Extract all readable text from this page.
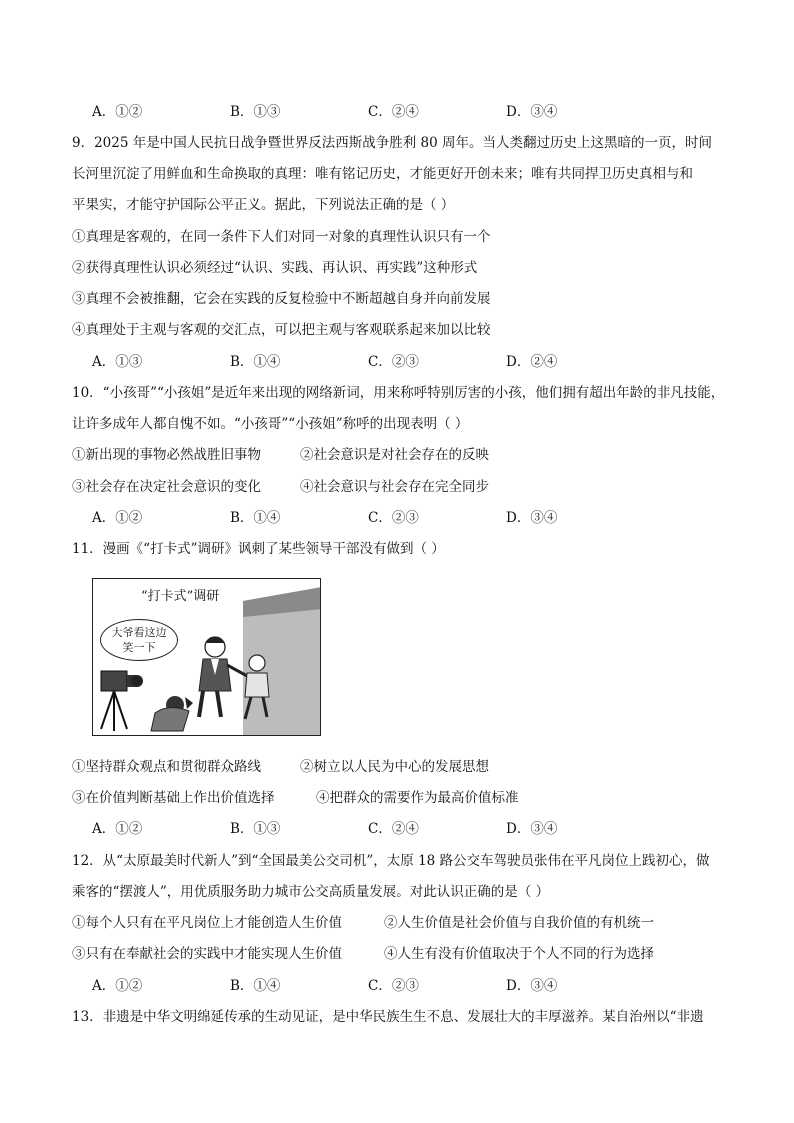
A．①②	B．①③	C．②④	D．③④
9．2025 年是中国人民抗日战争暨世界反法西斯战争胜利 80 周年。当人类翻过历史上这黑暗的一页，时间
长河里沉淀了用鲜血和生命换取的真理：唯有铭记历史，才能更好开创未来；唯有共同捍卫历史真相与和
平果实，才能守护国际公平正义。据此，下列说法正确的是（ ）
①真理是客观的，在同一条件下人们对同一对象的真理性认识只有一个
②获得真理性认识必须经过“认识、实践、再认识、再实践”这种形式
③真理不会被推翻，它会在实践的反复检验中不断超越自身并向前发展
④真理处于主观与客观的交汇点，可以把主观与客观联系起来加以比较
A．①③	B．①④	C．②③	D．②④
10．“小孩哥”“小孩姐”是近年来出现的网络新词，用来称呼特别厉害的小孩，他们拥有超出年龄的非凡技能，
让许多成年人都自愧不如。“小孩哥”“小孩姐”称呼的出现表明（ ）
①新出现的事物必然战胜旧事物	②社会意识是对社会存在的反映
③社会存在决定社会意识的变化	④社会意识与社会存在完全同步
A．①②	B．①④	C．②③	D．③④
11．漫画《“打卡式”调研》讽刺了某些领导干部没有做到（ ）
“打卡式”调研
大爷看这边
笑一下
①坚持群众观点和贯彻群众路线	②树立以人民为中心的发展思想
③在价值判断基础上作出价值选择	④把群众的需要作为最高价值标准
A．①②	B．①③	C．②④	D．③④
12．从“太原最美时代新人”到“全国最美公交司机”，太原 18 路公交车驾驶员张伟在平凡岗位上践初心，做
乘客的“摆渡人”，用优质服务助力城市公交高质量发展。对此认识正确的是（ ）
①每个人只有在平凡岗位上才能创造人生价值	②人生价值是社会价值与自我价值的有机统一
③只有在奉献社会的实践中才能实现人生价值	④人生有没有价值取决于个人不同的行为选择
A．①②	B．①④	C．②③	D．③④
13．非遗是中华文明绵延传承的生动见证，是中华民族生生不息、发展壮大的丰厚滋养。某自治州以“非遗
